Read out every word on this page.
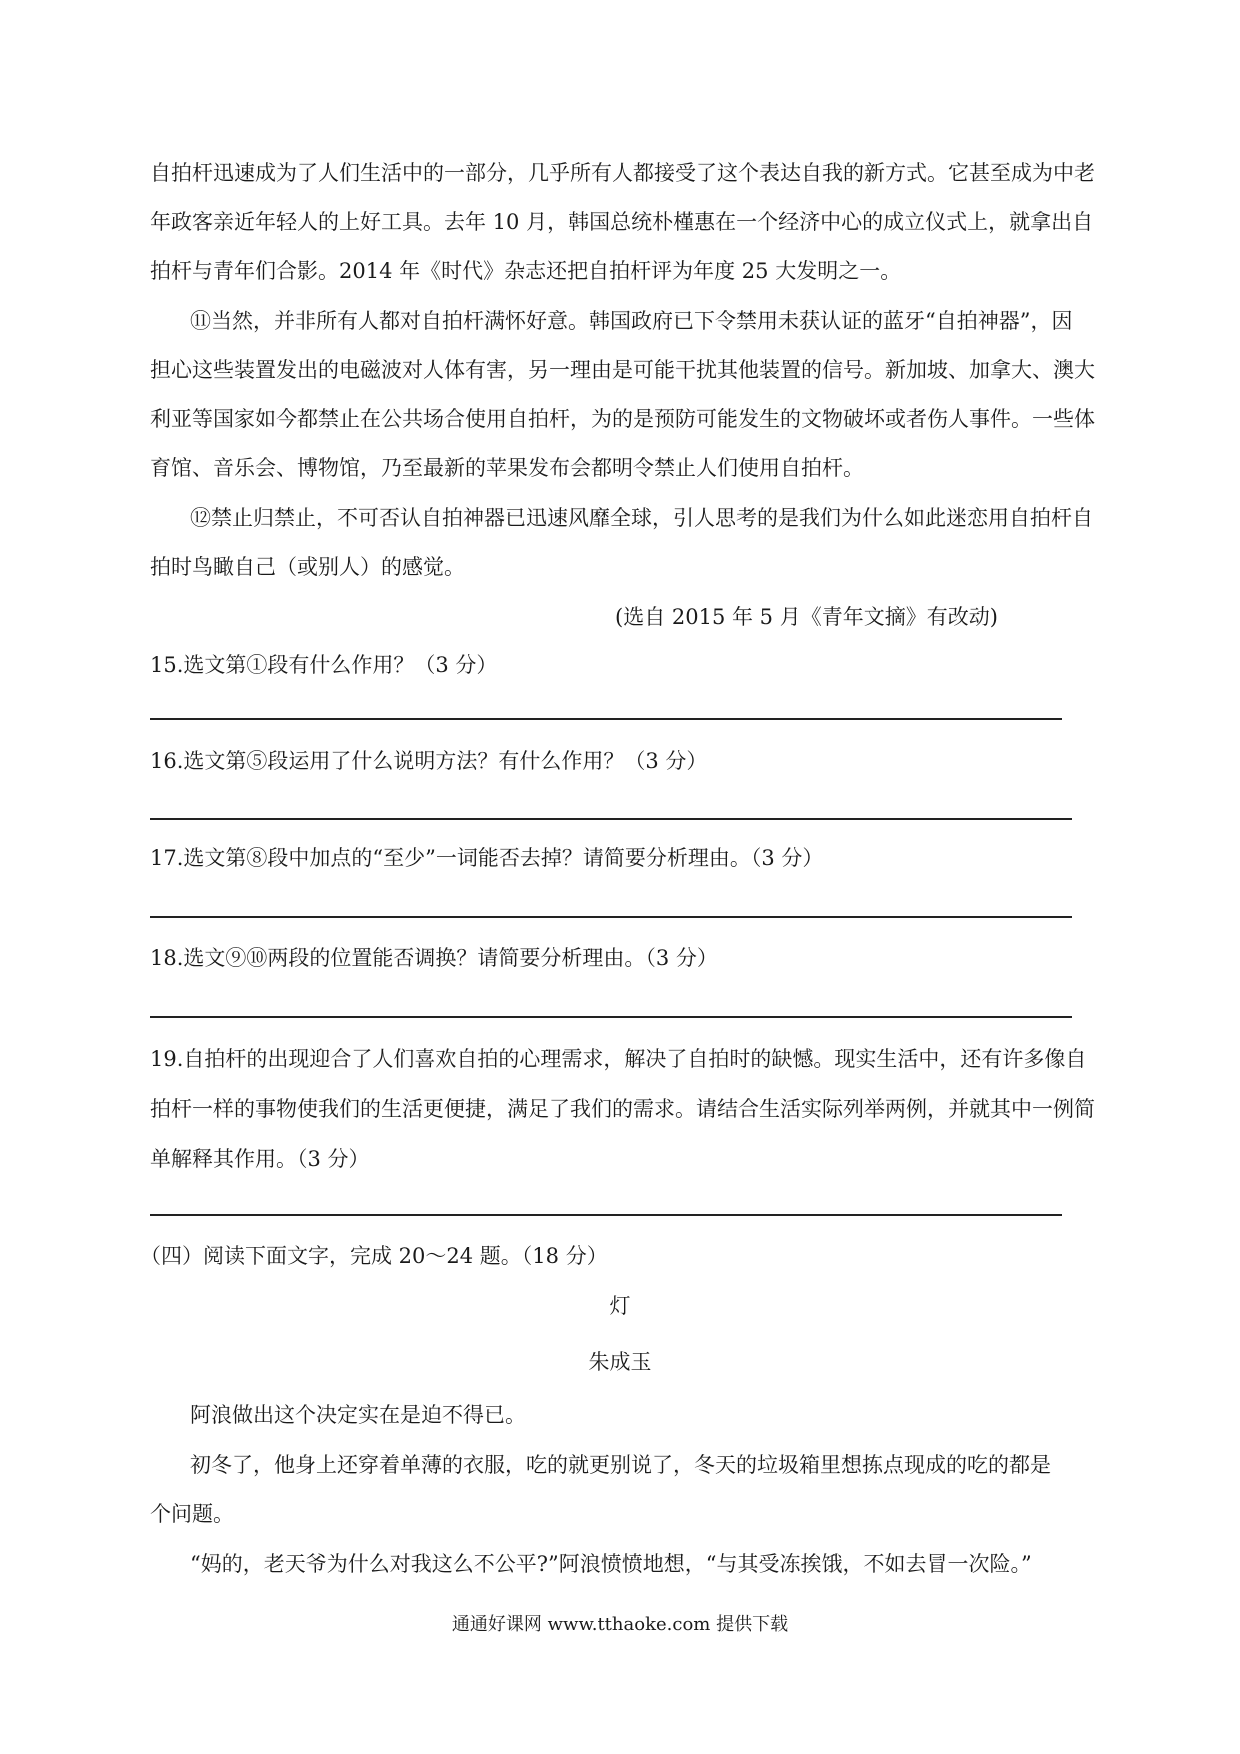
自拍杆迅速成为了人们生活中的一部分，几乎所有人都接受了这个表达自我的新方式。它甚至成为中老
年政客亲近年轻人的上好工具。去年 10 月，韩国总统朴槿惠在一个经济中心的成立仪式上，就拿出自
拍杆与青年们合影。2014 年《时代》杂志还把自拍杆评为年度 25 大发明之一。
⑪当然，并非所有人都对自拍杆满怀好意。韩国政府已下令禁用未获认证的蓝牙“自拍神器”，因
担心这些装置发出的电磁波对人体有害，另一理由是可能干扰其他装置的信号。新加坡、加拿大、澳大
利亚等国家如今都禁止在公共场合使用自拍杆，为的是预防可能发生的文物破坏或者伤人事件。一些体
育馆、音乐会、博物馆，乃至最新的苹果发布会都明令禁止人们使用自拍杆。
⑫禁止归禁止，不可否认自拍神器已迅速风靡全球，引人思考的是我们为什么如此迷恋用自拍杆自
拍时鸟瞰自己（或别人）的感觉。
(选自 2015 年 5 月《青年文摘》有改动)
15.选文第①段有什么作用？（3 分）
16.选文第⑤段运用了什么说明方法？有什么作用？（3 分）
17.选文第⑧段中加点的“至少”一词能否去掉？请简要分析理由。（3 分）
18.选文⑨⑩两段的位置能否调换？请简要分析理由。（3 分）
19.自拍杆的出现迎合了人们喜欢自拍的心理需求，解决了自拍时的缺憾。现实生活中，还有许多像自
拍杆一样的事物使我们的生活更便捷，满足了我们的需求。请结合生活实际列举两例，并就其中一例简
单解释其作用。（3 分）
（四）阅读下面文字，完成 20～24 题。（18 分）
灯
朱成玉
阿浪做出这个决定实在是迫不得已。
初冬了，他身上还穿着单薄的衣服，吃的就更别说了，冬天的垃圾箱里想拣点现成的吃的都是
个问题。
“妈的，老天爷为什么对我这么不公平?”阿浪愤愤地想，“与其受冻挨饿，不如去冒一次险。”
通通好课网 www.tthaoke.com 提供下载
